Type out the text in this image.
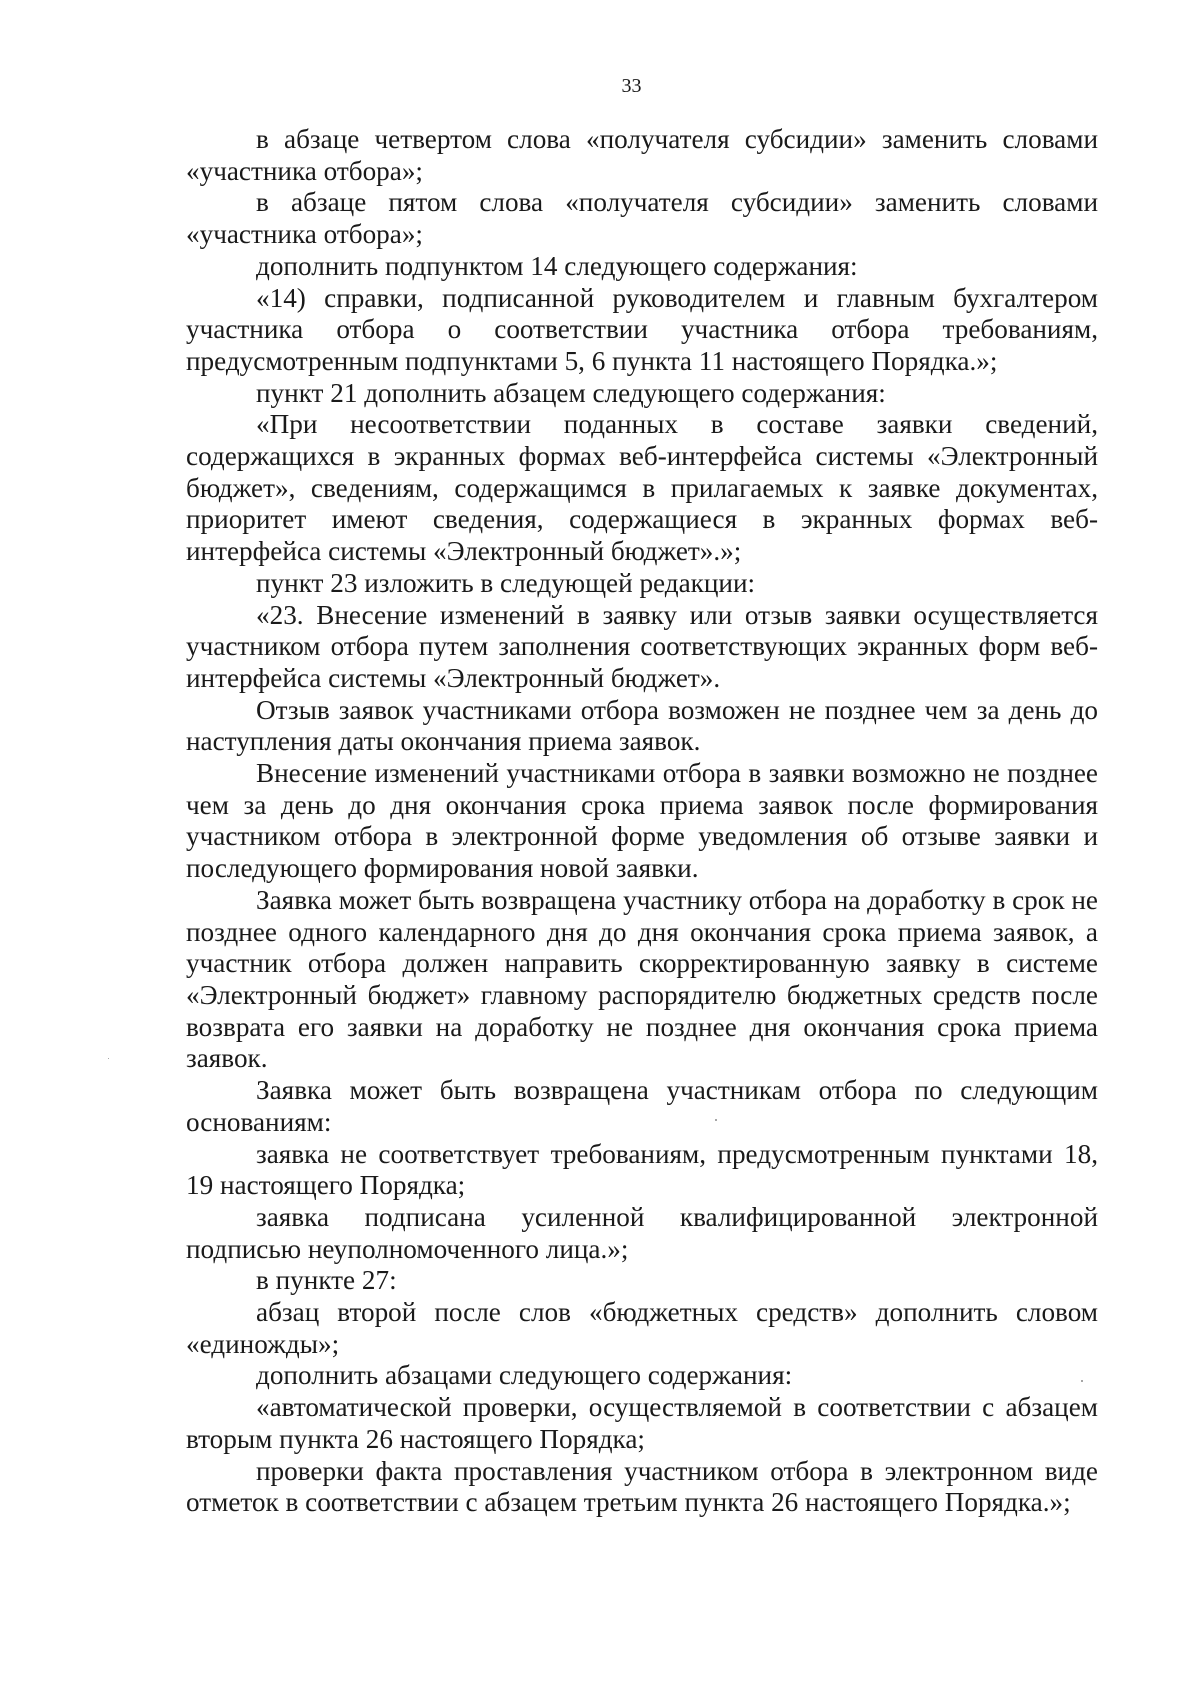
33

в абзаце четвертом слова «получателя субсидии» заменить словами «участника отбора»;

в абзаце пятом слова «получателя субсидии» заменить словами «участника отбора»;

дополнить подпунктом 14 следующего содержания:

«14) справки, подписанной руководителем и главным бухгалтером участника отбора о соответствии участника отбора требованиям, предусмотренным подпунктами 5, 6 пункта 11 настоящего Порядка.»;

пункт 21 дополнить абзацем следующего содержания:

«При несоответствии поданных в составе заявки сведений, содержащихся в экранных формах веб-интерфейса системы «Электронный бюджет», сведениям, содержащимся в прилагаемых к заявке документах, приоритет имеют сведения, содержащиеся в экранных формах веб-интерфейса системы «Электронный бюджет».»;

пункт 23 изложить в следующей редакции:

«23. Внесение изменений в заявку или отзыв заявки осуществляется участником отбора путем заполнения соответствующих экранных форм веб-интерфейса системы «Электронный бюджет».

Отзыв заявок участниками отбора возможен не позднее чем за день до наступления даты окончания приема заявок.

Внесение изменений участниками отбора в заявки возможно не позднее чем за день до дня окончания срока приема заявок после формирования участником отбора в электронной форме уведомления об отзыве заявки и последующего формирования новой заявки.

Заявка может быть возвращена участнику отбора на доработку в срок не позднее одного календарного дня до дня окончания срока приема заявок, а участник отбора должен направить скорректированную заявку в системе «Электронный бюджет» главному распорядителю бюджетных средств после возврата его заявки на доработку не позднее дня окончания срока приема заявок.

Заявка может быть возвращена участникам отбора по следующим основаниям:

заявка не соответствует требованиям, предусмотренным пунктами 18, 19 настоящего Порядка;

заявка подписана усиленной квалифицированной электронной подписью неуполномоченного лица.»;

в пункте 27:

абзац второй после слов «бюджетных средств» дополнить словом «единожды»;

дополнить абзацами следующего содержания:

«автоматической проверки, осуществляемой в соответствии с абзацем вторым пункта 26 настоящего Порядка;

проверки факта проставления участником отбора в электронном виде отметок в соответствии с абзацем третьим пункта 26 настоящего Порядка.»;
